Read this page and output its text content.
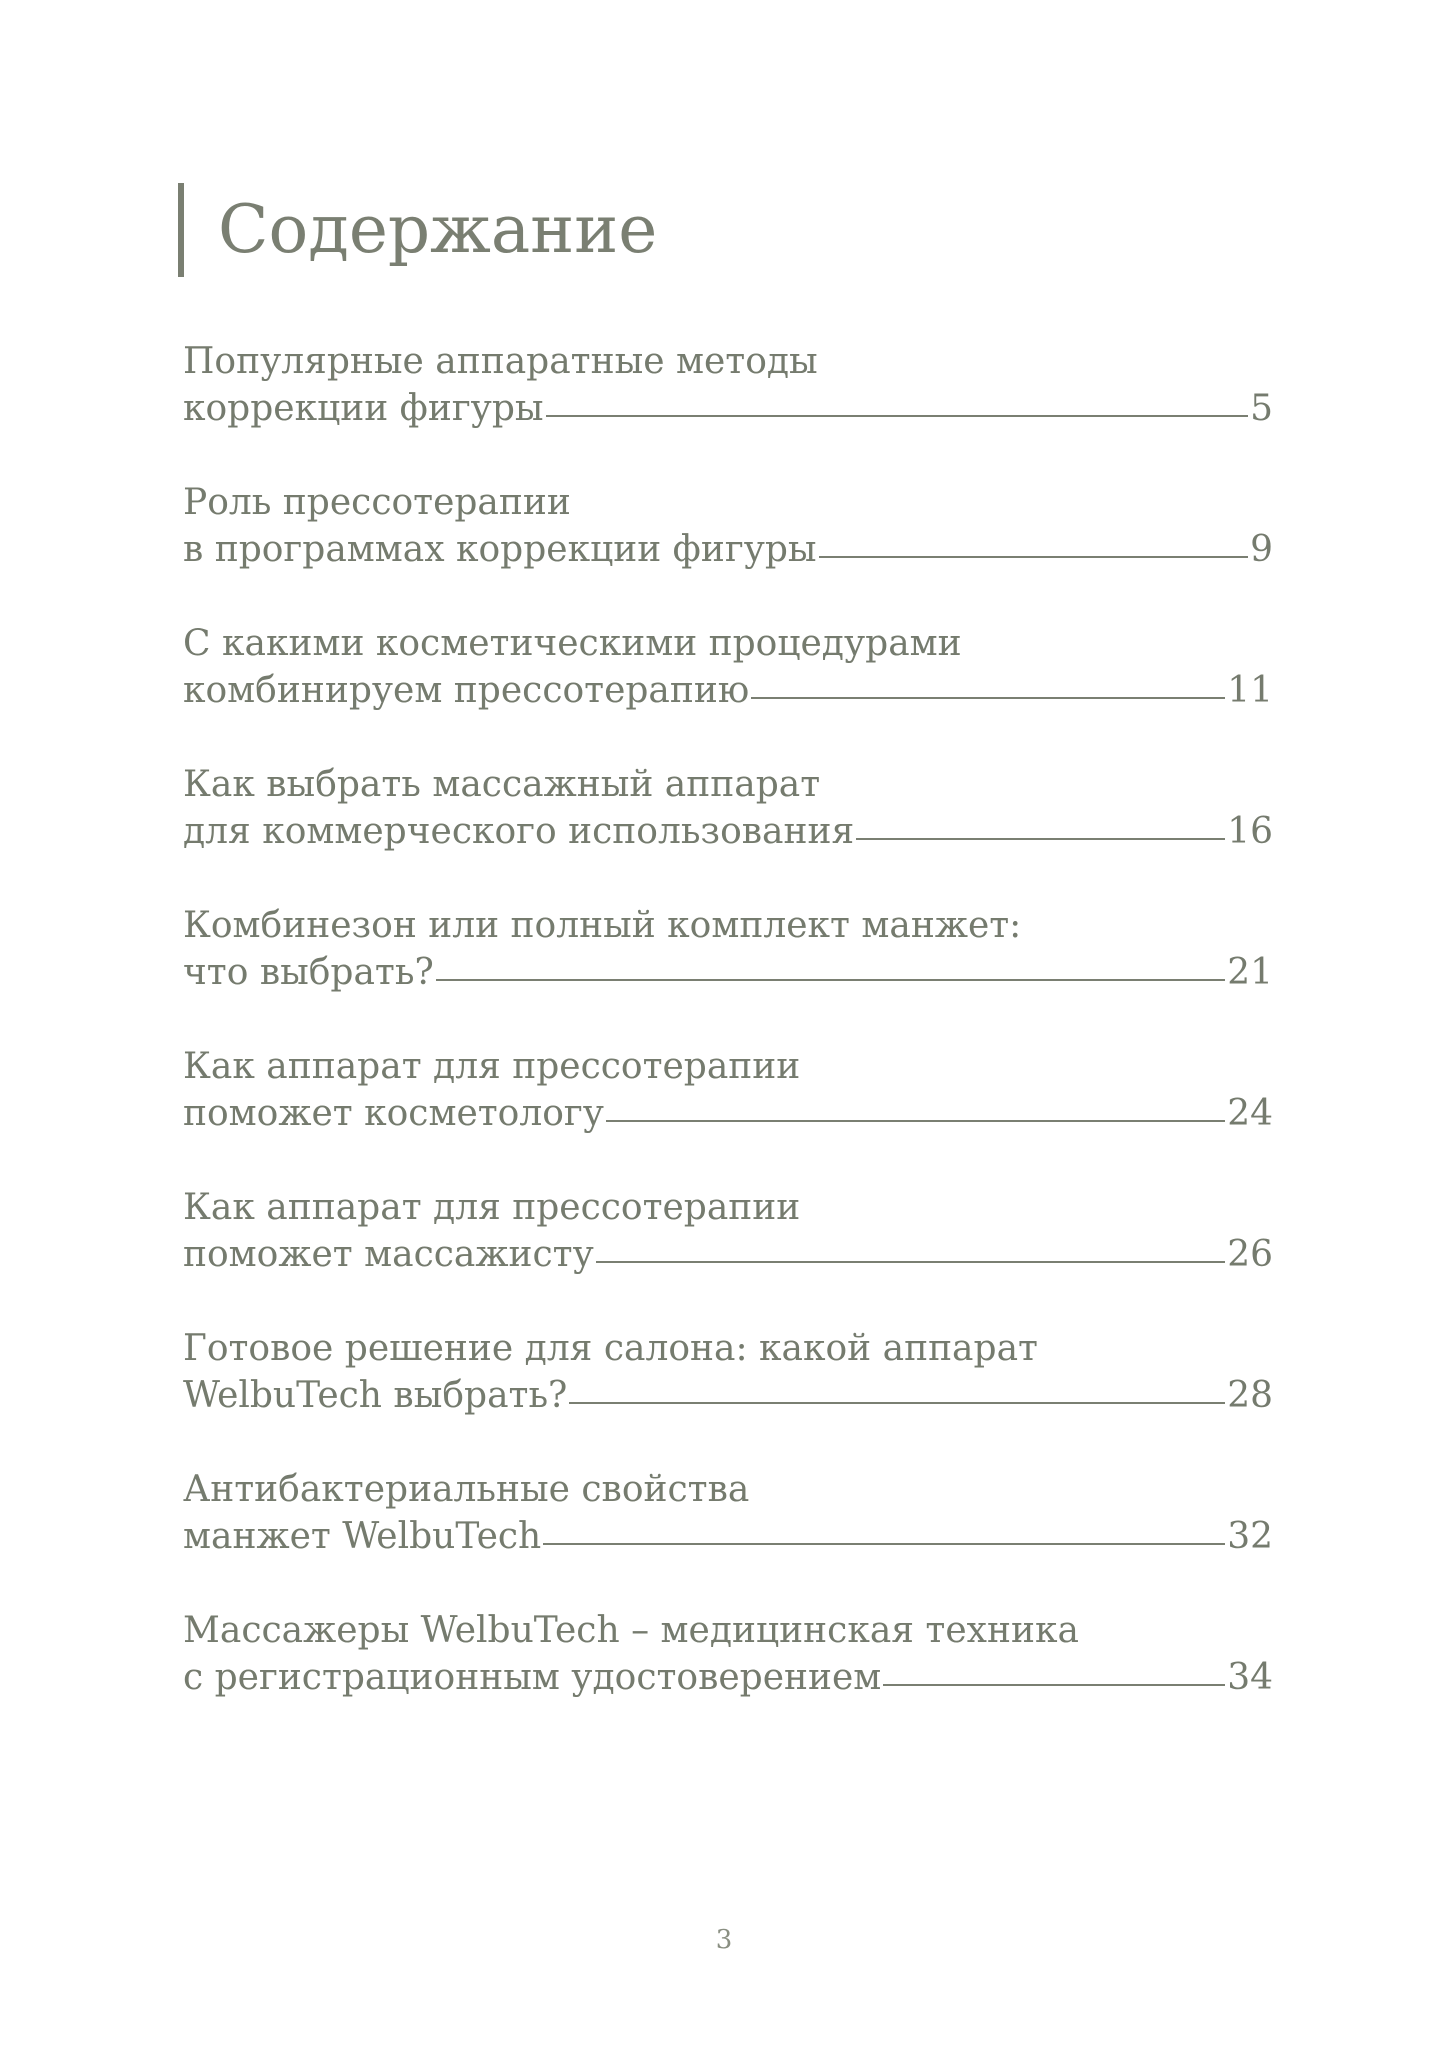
Содержание
Популярные аппаратные методы
коррекции фигуры	5
Роль прессотерапии
в программах коррекции фигуры	9
С какими косметическими процедурами
комбинируем прессотерапию	11
Как выбрать массажный аппарат
для коммерческого использования	16
Комбинезон или полный комплект манжет:
что выбрать?	21
Как аппарат для прессотерапии
поможет косметологу	24
Как аппарат для прессотерапии
поможет массажисту	26
Готовое решение для салона: какой аппарат
WelbuTech выбрать?	28
Антибактериальные свойства
манжет WelbuTech	32
Массажеры WelbuTech – медицинская техника
с регистрационным удостоверением	34
3
